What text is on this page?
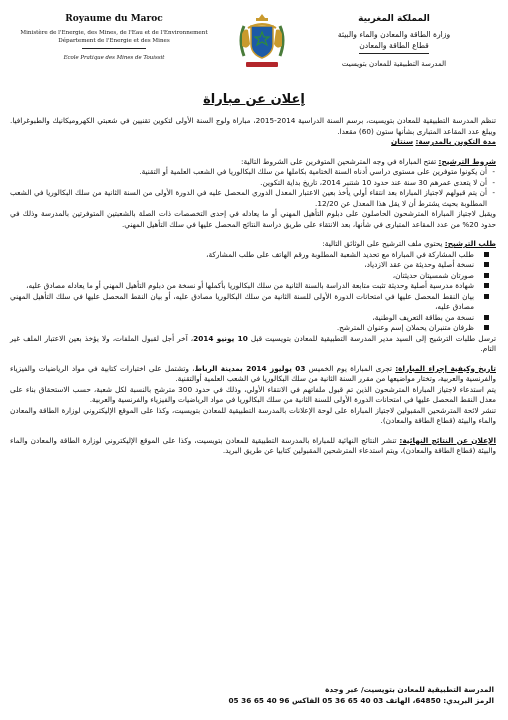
Royaume du Maroc
Ministère de l'Energie, des Mines, de l'Eau et de l'Environnement
Département de l'Energie et des Mines
Ecole Pratique des Mines de Touissit
المملكة المغربية
وزارة الطاقة والمعادن والماء والبيئة
قطاع الطاقة والمعادن
المدرسة التطبيقية للمعادن بتويسيت
إعلان عن مباراة

تنظم المدرسة التطبيقية للمعادن بتويسيت، برسم السنة الدراسية 2014-2015، مباراة ولوج السنة الأولى لتكوين تقنيين في شعبتي الكهروميكانيك والطبوغرافيا. ويبلغ عدد المقاعد المتبارى بشأنها ستون (60) مقعدا.

مدة التكوين بالمدرسة: سنتان

شروط الترشيح: تفتح المباراة في وجه المترشحين المتوفرين على الشروط التالية:

- أن يكونوا متوفرين على مستوى دراسي أدناه السنة الختامية بكاملها من سلك البكالوريا في الشعب العلمية أو التقنية.

- أن لا يتعدى عمرهم 30 سنة عند حدود 10 شتنبر 2014، تاريخ بداية التكوين.

- أن يتم قبولهم لاجتياز المباراة بعد انتقاء أولي يأخذ بعين الاعتبار المعدل الدوري المحصل عليه في الدورة الأولى من السنة الثانية من سلك البكالوريا في الشعب المطلوبة بحيث يشترط أن لا يقل هذا المعدل عن 12/20.

ويقبل لاجتياز المباراة المترشحون الحاصلون على دبلوم التأهيل المهني أو ما يعادله في إحدى التخصصات ذات الصلة بالشعبتين المتوفرتين بالمدرسة وذلك في حدود 20% من عدد المقاعد المتبارى في شأنها، بعد الانتقاء على طريق دراسة النتائج المحصل عليها في سلك التأهيل المهني.

طلب الترشيح: يحتوي ملف الترشيح على الوثائق التالية:

طلب المشاركة في المباراة مع تحديد الشعبة المطلوبة ورقم الهاتف على طلب المشاركة،

نسخة أصلية وحديثة من عقد الازدياد،

صورتان شمسيتان حديثتان،

شهادة مدرسية أصلية وحديثة تثبت متابعة الدراسة بالسنة الثانية من سلك البكالوريا بأكملها أو نسخة من دبلوم التأهيل المهني أو ما يعادله مصادق عليه،

بيان النقط المحصل عليها في امتحانات الدورة الأولى للسنة الثانية من سلك البكالوريا مصادق عليه، أو بيان النقط المحصل عليها في سلك التأهيل المهني مصادق عليه،

نسخة من بطاقة التعريف الوطنية،

ظرفان متنبران يحملان إسم وعنوان المترشح.

ترسل طلبات الترشيح إلى السيد مدير المدرسة التطبيقية للمعادن بتويسيت قبل 10 يونيو 2014، آخر أجل لقبول الملفات، ولا يؤخذ بعين الاعتبار الملف غير التام.

تاريخ وكيفية إجراء المباراة: تجرى المباراة يوم الخميس 03 يوليوز 2014 بمدينة الرباط، وتشتمل على اختبارات كتابية في مواد الرياضيات والفيزياء والفرنسية والعربية، وتختار مواضيعها من مقرر السنة الثانية من سلك البكالوريا في الشعب العلمية أوالتقنية.

يتم استدعاء لاجتياز المباراة المترشحون الذين تم قبول ملفاتهم في الانتقاء الأولي، وذلك في حدود 300 مترشح بالنسبة لكل شعبة، حسب الاستحقاق بناء على معدل النقط المحصل عليها في امتحانات الدورة الأولى للسنة الثانية من سلك البكالوريا في مواد الرياضيات والفيزياء والفرنسية والعربية.

تنشر لائحة المترشحين المقبولين لاجتياز المباراة على لوحة الإعلانات بالمدرسة التطبيقية للمعادن بتويسيت، وكذا على الموقع الإليكتروني لوزارة الطاقة والمعادن والماء والبيئة (قطاع الطاقة والمعادن).

الإعلان عن النتائج النهائية: تنشر النتائج النهائية للمباراة بالمدرسة التطبيقية للمعادن بتويسيت، وكذا على الموقع الإليكتروني لوزارة الطاقة والمعادن والماء والبيئة (قطاع الطاقة والمعادن)، ويتم استدعاء المترشحين المقبولين كتابيا عن طريق البريد.

المدرسة التطبيقية للمعادن بتويسيت/ عبر وجدة
الرمز البريدي: 64850، الهاتف 03 40 65 36 05 الفاكس 96 40 65 36 05
